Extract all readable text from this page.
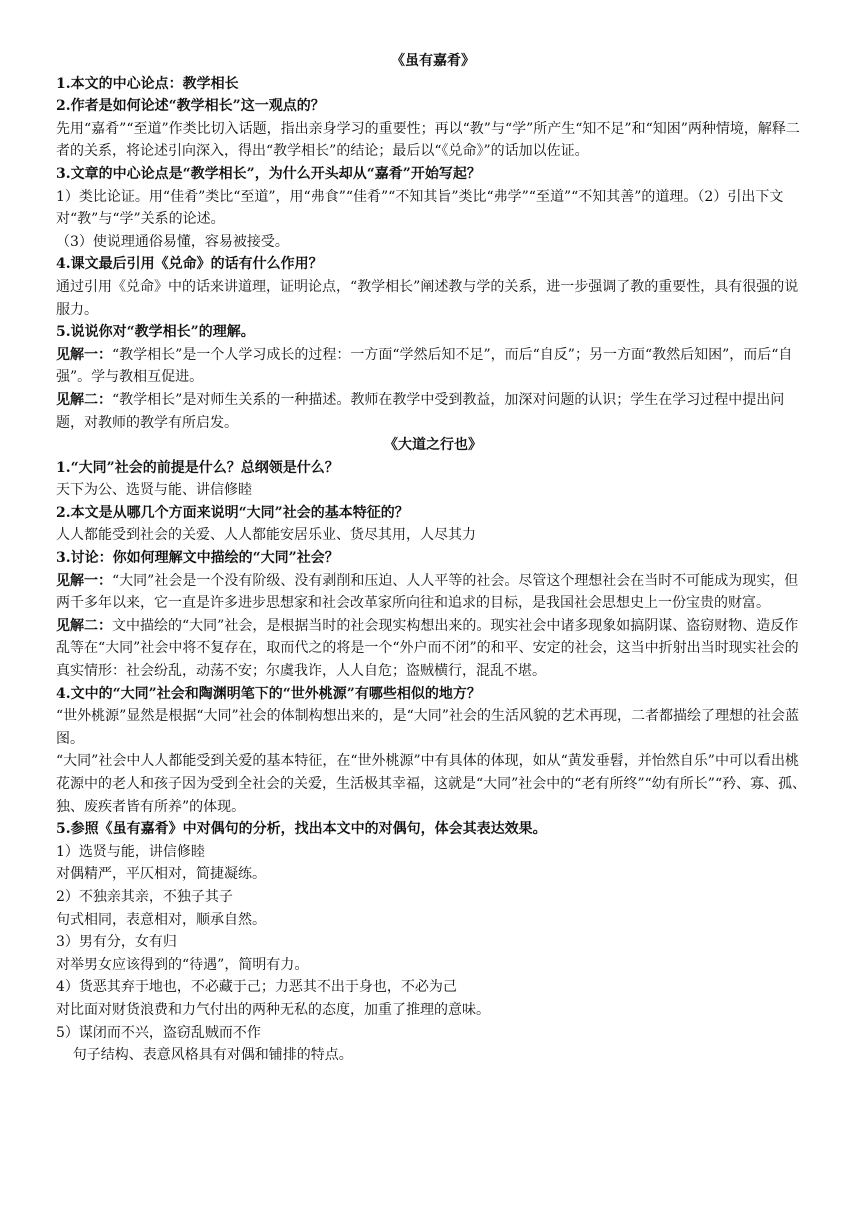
《虽有嘉肴》

1.本文的中心论点：教学相长

2.作者是如何论述“教学相长”这一观点的？

先用“嘉肴”“至道”作类比切入话题，指出亲身学习的重要性；再以“教”与“学”所产生“知不足”和“知困”两种情境，解释二者的关系，将论述引向深入，得出“教学相长”的结论；最后以“《兑命》”的话加以佐证。

3.文章的中心论点是“教学相长”，为什么开头却从“嘉肴”开始写起？

1）类比论证。用“佳肴”类比“至道”，用“弗食”“佳肴”“不知其旨”类比“弗学”“至道”“不知其善”的道理。（2）引出下文对“教”与“学”关系的论述。

（3）使说理通俗易懂，容易被接受。

4.课文最后引用《兑命》的话有什么作用？

通过引用《兑命》中的话来讲道理，证明论点，“教学相长”阐述教与学的关系，进一步强调了教的重要性，具有很强的说服力。

5.说说你对“教学相长”的理解。

见解一：“教学相长”是一个人学习成长的过程：一方面“学然后知不足”，而后“自反”；另一方面“教然后知困”，而后“自强”。学与教相互促进。

见解二：“教学相长”是对师生关系的一种描述。教师在教学中受到教益，加深对问题的认识；学生在学习过程中提出问题，对教师的教学有所启发。

《大道之行也》

1.“大同”社会的前提是什么？总纲领是什么？

天下为公、选贤与能、讲信修睦

2.本文是从哪几个方面来说明“大同”社会的基本特征的？

人人都能受到社会的关爱、人人都能安居乐业、货尽其用，人尽其力

3.讨论：你如何理解文中描绘的“大同”社会？

见解一：“大同”社会是一个没有阶级、没有剥削和压迫、人人平等的社会。尽管这个理想社会在当时不可能成为现实，但两千多年以来，它一直是许多进步思想家和社会改革家所向往和追求的目标，是我国社会思想史上一份宝贵的财富。

见解二：文中描绘的“大同”社会，是根据当时的社会现实构想出来的。现实社会中诸多现象如搞阴谋、盗窃财物、造反作乱等在“大同”社会中将不复存在，取而代之的将是一个“外户而不闭”的和平、安定的社会，这当中折射出当时现实社会的真实情形：社会纷乱，动荡不安；尔虞我诈，人人自危；盗贼横行，混乱不堪。

4.文中的“大同”社会和陶渊明笔下的“世外桃源”有哪些相似的地方？

“世外桃源”显然是根据“大同”社会的体制构想出来的，是“大同”社会的生活风貌的艺术再现，二者都描绘了理想的社会蓝图。

“大同”社会中人人都能受到关爱的基本特征，在“世外桃源”中有具体的体现，如从“黄发垂髫，并怡然自乐”中可以看出桃花源中的老人和孩子因为受到全社会的关爱，生活极其幸福，这就是“大同”社会中的“老有所终”“幼有所长”“矜、寡、孤、独、废疾者皆有所养”的体现。

5.参照《虽有嘉肴》中对偶句的分析，找出本文中的对偶句，体会其表达效果。

1）选贤与能，讲信修睦

对偶精严，平仄相对，简捷凝练。

2）不独亲其亲，不独子其子

句式相同，表意相对，顺承自然。

3）男有分，女有归

对举男女应该得到的“待遇”，简明有力。

4）货恶其弃于地也，不必藏于己；力恶其不出于身也，不必为己

对比面对财货浪费和力气付出的两种无私的态度，加重了推理的意味。

5）谋闭而不兴，盗窃乱贼而不作

句子结构、表意风格具有对偶和铺排的特点。
